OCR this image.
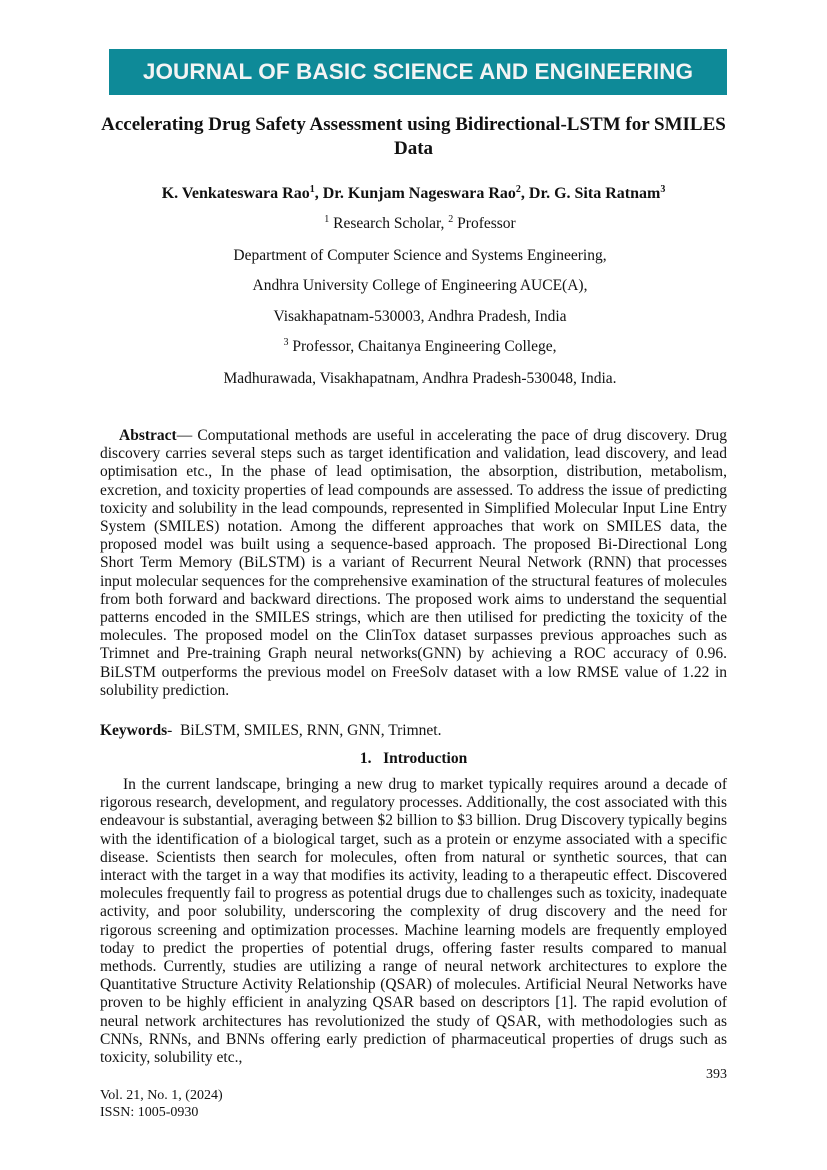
JOURNAL OF BASIC SCIENCE AND ENGINEERING
Accelerating Drug Safety Assessment using Bidirectional-LSTM for SMILES Data
K. Venkateswara Rao$^1$, Dr. Kunjam Nageswara Rao$^2$, Dr. G. Sita Ratnam$^3$
$^1$ Research Scholar, $^2$ Professor
Department of Computer Science and Systems Engineering,
Andhra University College of Engineering AUCE(A),
Visakhapatnam-530003, Andhra Pradesh, India
$^3$ Professor, Chaitanya Engineering College,
Madhurawada, Visakhapatnam, Andhra Pradesh-530048, India.
Abstract— Computational methods are useful in accelerating the pace of drug discovery. Drug discovery carries several steps such as target identification and validation, lead discovery, and lead optimisation etc., In the phase of lead optimisation, the absorption, distribution, metabolism, excretion, and toxicity properties of lead compounds are assessed. To address the issue of predicting toxicity and solubility in the lead compounds, represented in Simplified Molecular Input Line Entry System (SMILES) notation. Among the different approaches that work on SMILES data, the proposed model was built using a sequence-based approach. The proposed Bi-Directional Long Short Term Memory (BiLSTM) is a variant of Recurrent Neural Network (RNN) that processes input molecular sequences for the comprehensive examination of the structural features of molecules from both forward and backward directions. The proposed work aims to understand the sequential patterns encoded in the SMILES strings, which are then utilised for predicting the toxicity of the molecules. The proposed model on the ClinTox dataset surpasses previous approaches such as Trimnet and Pre-training Graph neural networks(GNN) by achieving a ROC accuracy of 0.96. BiLSTM outperforms the previous model on FreeSolv dataset with a low RMSE value of 1.22 in solubility prediction.
Keywords-  BiLSTM, SMILES, RNN, GNN, Trimnet.
1.   Introduction
In the current landscape, bringing a new drug to market typically requires around a decade of rigorous research, development, and regulatory processes. Additionally, the cost associated with this endeavour is substantial, averaging between $2 billion to $3 billion. Drug Discovery typically begins with the identification of a biological target, such as a protein or enzyme associated with a specific disease. Scientists then search for molecules, often from natural or synthetic sources, that can interact with the target in a way that modifies its activity, leading to a therapeutic effect. Discovered molecules frequently fail to progress as potential drugs due to challenges such as toxicity, inadequate activity, and poor solubility, underscoring the complexity of drug discovery and the need for rigorous screening and optimization processes. Machine learning models are frequently employed today to predict the properties of potential drugs, offering faster results compared to manual methods. Currently, studies are utilizing a range of neural network architectures to explore the Quantitative Structure Activity Relationship (QSAR) of molecules. Artificial Neural Networks have proven to be highly efficient in analyzing QSAR based on descriptors [1]. The rapid evolution of neural network architectures has revolutionized the study of QSAR, with methodologies such as CNNs, RNNs, and BNNs offering early prediction of pharmaceutical properties of drugs such as toxicity, solubility etc.,
393
Vol. 21, No. 1, (2024)
ISSN: 1005-0930
